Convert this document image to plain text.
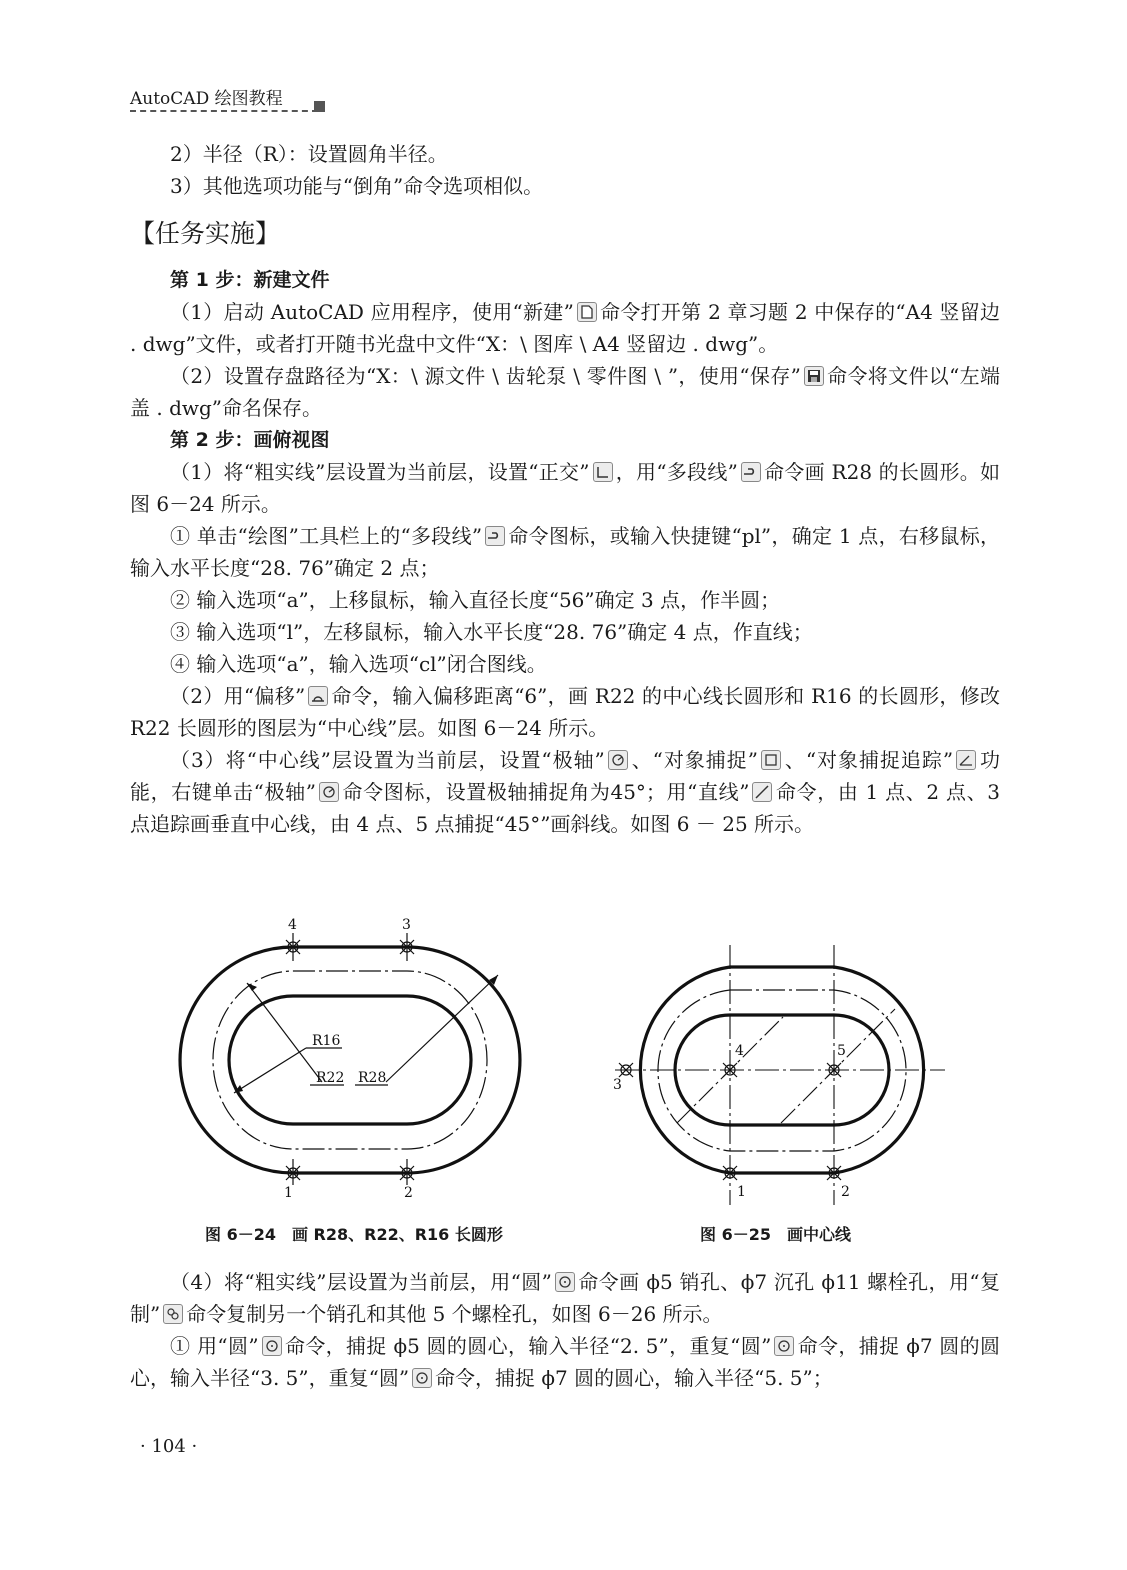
AutoCAD 绘图教程

2）半径（R）：设置圆角半径。

3）其他选项功能与“倒角”命令选项相似。

【任务实施】

第 1 步：新建文件

（1）启动 AutoCAD 应用程序，使用“新建” 命令打开第 2 章习题 2 中保存的“A4 竖留边 . dwg”文件，或者打开随书光盘中文件“X：\ 图库 \ A4 竖留边 . dwg”。

（2）设置存盘路径为“X：\ 源文件 \ 齿轮泵 \ 零件图 \ ”，使用“保存” 命令将文件以“左端盖 . dwg”命名保存。

第 2 步：画俯视图

（1）将“粗实线”层设置为当前层，设置“正交” ，用“多段线” 命令画 R28 的长圆形。如图 6－24 所示。

① 单击“绘图”工具栏上的“多段线” 命令图标，或输入快捷键“pl”，确定 1 点，右移鼠标，输入水平长度“28. 76”确定 2 点；

② 输入选项“a”，上移鼠标，输入直径长度“56”确定 3 点，作半圆；

③ 输入选项“l”，左移鼠标，输入水平长度“28. 76”确定 4 点，作直线；

④ 输入选项“a”，输入选项“cl”闭合图线。

（2）用“偏移” 命令，输入偏移距离“6”，画 R22 的中心线长圆形和 R16 的长圆形，修改 R22 长圆形的图层为“中心线”层。如图 6－24 所示。

（3）将“中心线”层设置为当前层，设置“极轴” 、“对象捕捉” 、“对象捕捉追踪” 功能，右键单击“极轴” 命令图标，设置极轴捕捉角为45°；用“直线” 命令，由 1 点、2 点、3 点追踪画垂直中心线，由 4 点、5 点捕捉“45°”画斜线。如图 6 － 25 所示。

R16
R22 R28
4	3
1	2
4	5
3
1	2
图 6－24　画 R28、R22、R16 长圆形	图 6－25　画中心线

（4）将“粗实线”层设置为当前层，用“圆” 命令画 ϕ5 销孔、ϕ7 沉孔 ϕ11 螺栓孔，用“复制” 命令复制另一个销孔和其他 5 个螺栓孔，如图 6－26 所示。

① 用“圆” 命令，捕捉 ϕ5 圆的圆心，输入半径“2. 5”，重复“圆” 命令，捕捉 ϕ7 圆的圆心，输入半径“3. 5”，重复“圆” 命令，捕捉 ϕ7 圆的圆心，输入半径“5. 5”；

· 104 ·
